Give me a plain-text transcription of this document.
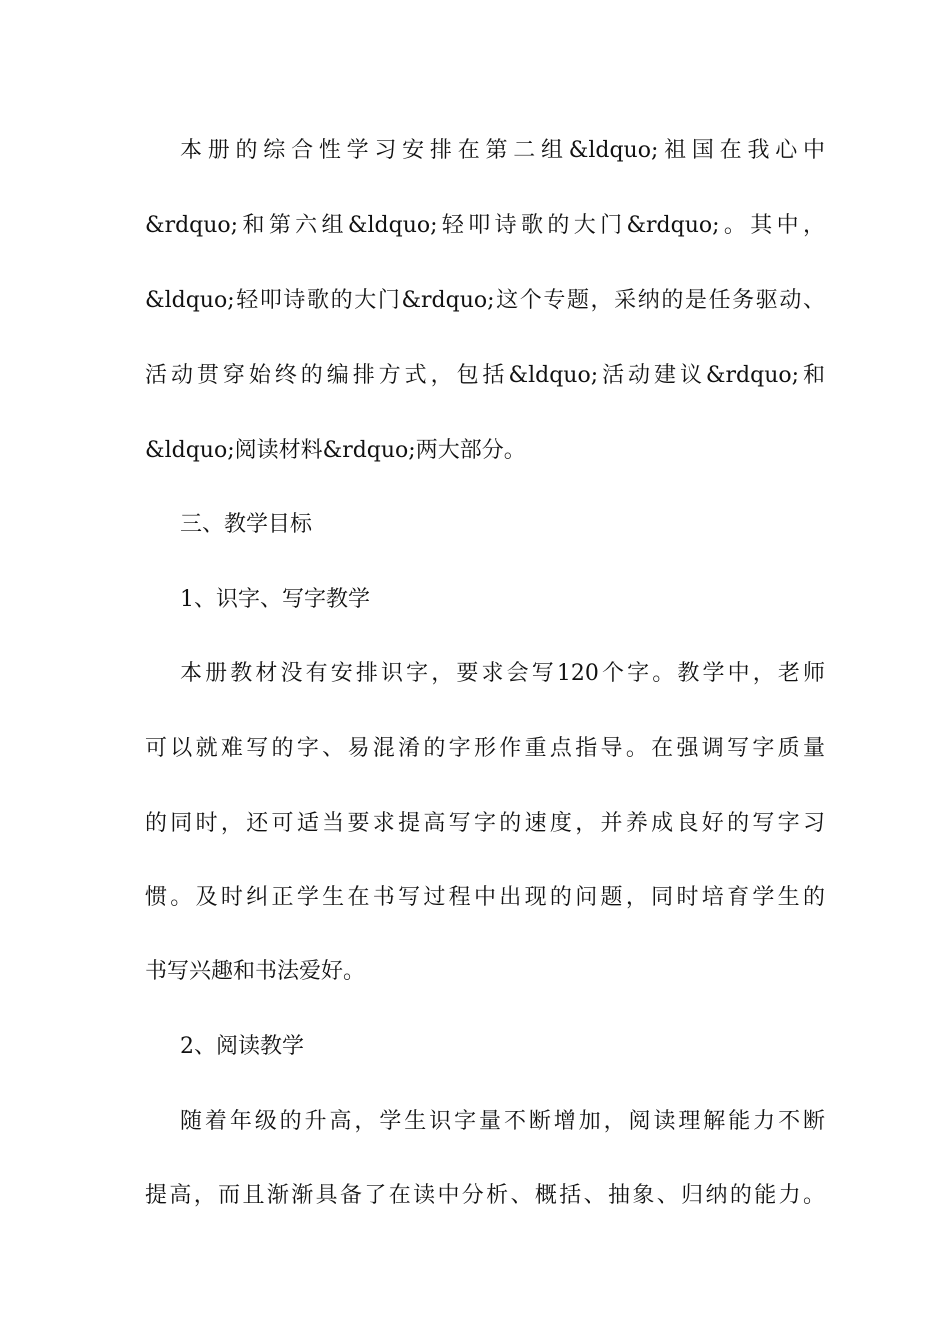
本册的综合性学习安排在第二组&ldquo;祖国在我心中
&rdquo;和第六组&ldquo;轻叩诗歌的大门&rdquo;。其中，
&ldquo;轻叩诗歌的大门&rdquo;这个专题，采纳的是任务驱动、
活动贯穿始终的编排方式，包括&ldquo;活动建议&rdquo;和
&ldquo;阅读材料&rdquo;两大部分。
三、教学目标
1、识字、写字教学
本册教材没有安排识字，要求会写120个字。教学中，老师
可以就难写的字、易混淆的字形作重点指导。在强调写字质量
的同时，还可适当要求提高写字的速度，并养成良好的写字习
惯。及时纠正学生在书写过程中出现的问题，同时培育学生的
书写兴趣和书法爱好。
2、阅读教学
随着年级的升高，学生识字量不断增加，阅读理解能力不断
提高，而且渐渐具备了在读中分析、概括、抽象、归纳的能力。
